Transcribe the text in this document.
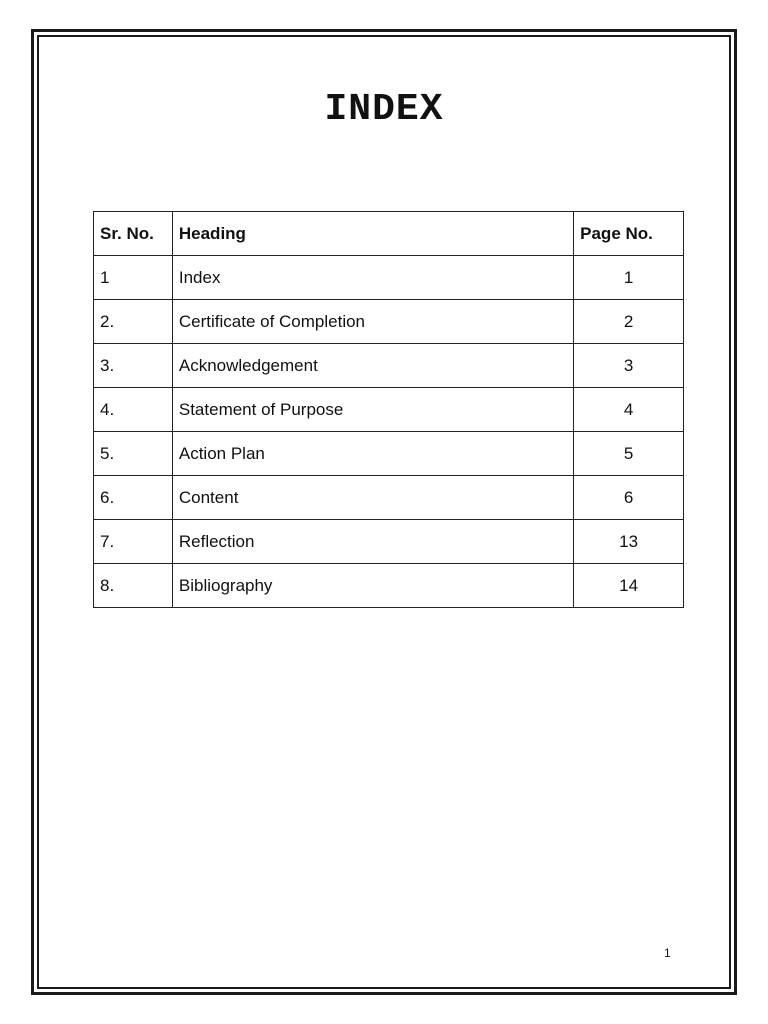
INDEX
Sr. No.	Heading	Page No.
1	Index	1
2.	Certificate of Completion	2
3.	Acknowledgement	3
4.	Statement of Purpose	4
5.	Action Plan	5
6.	Content	6
7.	Reflection	13
8.	Bibliography	14
1
